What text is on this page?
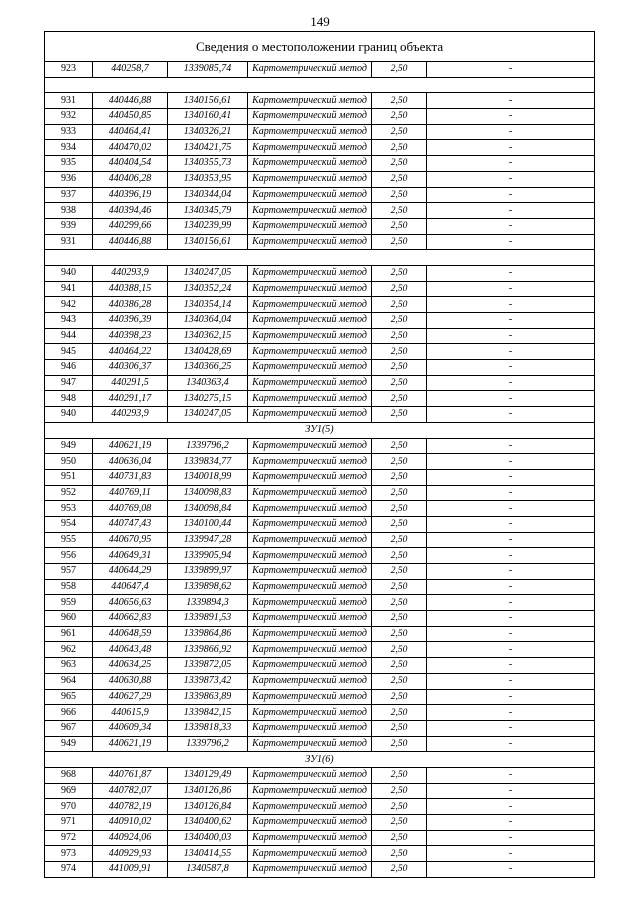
149
Сведения о местоположении границ объекта					
923	440258,7	1339085,74	Картометрический метод	2,50	-

931	440446,88	1340156,61	Картометрический метод	2,50	-
932	440450,85	1340160,41	Картометрический метод	2,50	-
933	440464,41	1340326,21	Картометрический метод	2,50	-
934	440470,02	1340421,75	Картометрический метод	2,50	-
935	440404,54	1340355,73	Картометрический метод	2,50	-
936	440406,28	1340353,95	Картометрический метод	2,50	-
937	440396,19	1340344,04	Картометрический метод	2,50	-
938	440394,46	1340345,79	Картометрический метод	2,50	-
939	440299,66	1340239,99	Картометрический метод	2,50	-
931	440446,88	1340156,61	Картометрический метод	2,50	-

940	440293,9	1340247,05	Картометрический метод	2,50	-
941	440388,15	1340352,24	Картометрический метод	2,50	-
942	440386,28	1340354,14	Картометрический метод	2,50	-
943	440396,39	1340364,04	Картометрический метод	2,50	-
944	440398,23	1340362,15	Картометрический метод	2,50	-
945	440464,22	1340428,69	Картометрический метод	2,50	-
946	440306,37	1340366,25	Картометрический метод	2,50	-
947	440291,5	1340363,4	Картометрический метод	2,50	-
948	440291,17	1340275,15	Картометрический метод	2,50	-
940	440293,9	1340247,05	Картометрический метод	2,50	-
ЗУ1(5)					
949	440621,19	1339796,2	Картометрический метод	2,50	-
950	440636,04	1339834,77	Картометрический метод	2,50	-
951	440731,83	1340018,99	Картометрический метод	2,50	-
952	440769,11	1340098,83	Картометрический метод	2,50	-
953	440769,08	1340098,84	Картометрический метод	2,50	-
954	440747,43	1340100,44	Картометрический метод	2,50	-
955	440670,95	1339947,28	Картометрический метод	2,50	-
956	440649,31	1339905,94	Картометрический метод	2,50	-
957	440644,29	1339899,97	Картометрический метод	2,50	-
958	440647,4	1339898,62	Картометрический метод	2,50	-
959	440656,63	1339894,3	Картометрический метод	2,50	-
960	440662,83	1339891,53	Картометрический метод	2,50	-
961	440648,59	1339864,86	Картометрический метод	2,50	-
962	440643,48	1339866,92	Картометрический метод	2,50	-
963	440634,25	1339872,05	Картометрический метод	2,50	-
964	440630,88	1339873,42	Картометрический метод	2,50	-
965	440627,29	1339863,89	Картометрический метод	2,50	-
966	440615,9	1339842,15	Картометрический метод	2,50	-
967	440609,34	1339818,33	Картометрический метод	2,50	-
949	440621,19	1339796,2	Картометрический метод	2,50	-
ЗУ1(6)					
968	440761,87	1340129,49	Картометрический метод	2,50	-
969	440782,07	1340126,86	Картометрический метод	2,50	-
970	440782,19	1340126,84	Картометрический метод	2,50	-
971	440910,02	1340400,62	Картометрический метод	2,50	-
972	440924,06	1340400,03	Картометрический метод	2,50	-
973	440929,93	1340414,55	Картометрический метод	2,50	-
974	441009,91	1340587,8	Картометрический метод	2,50	-
